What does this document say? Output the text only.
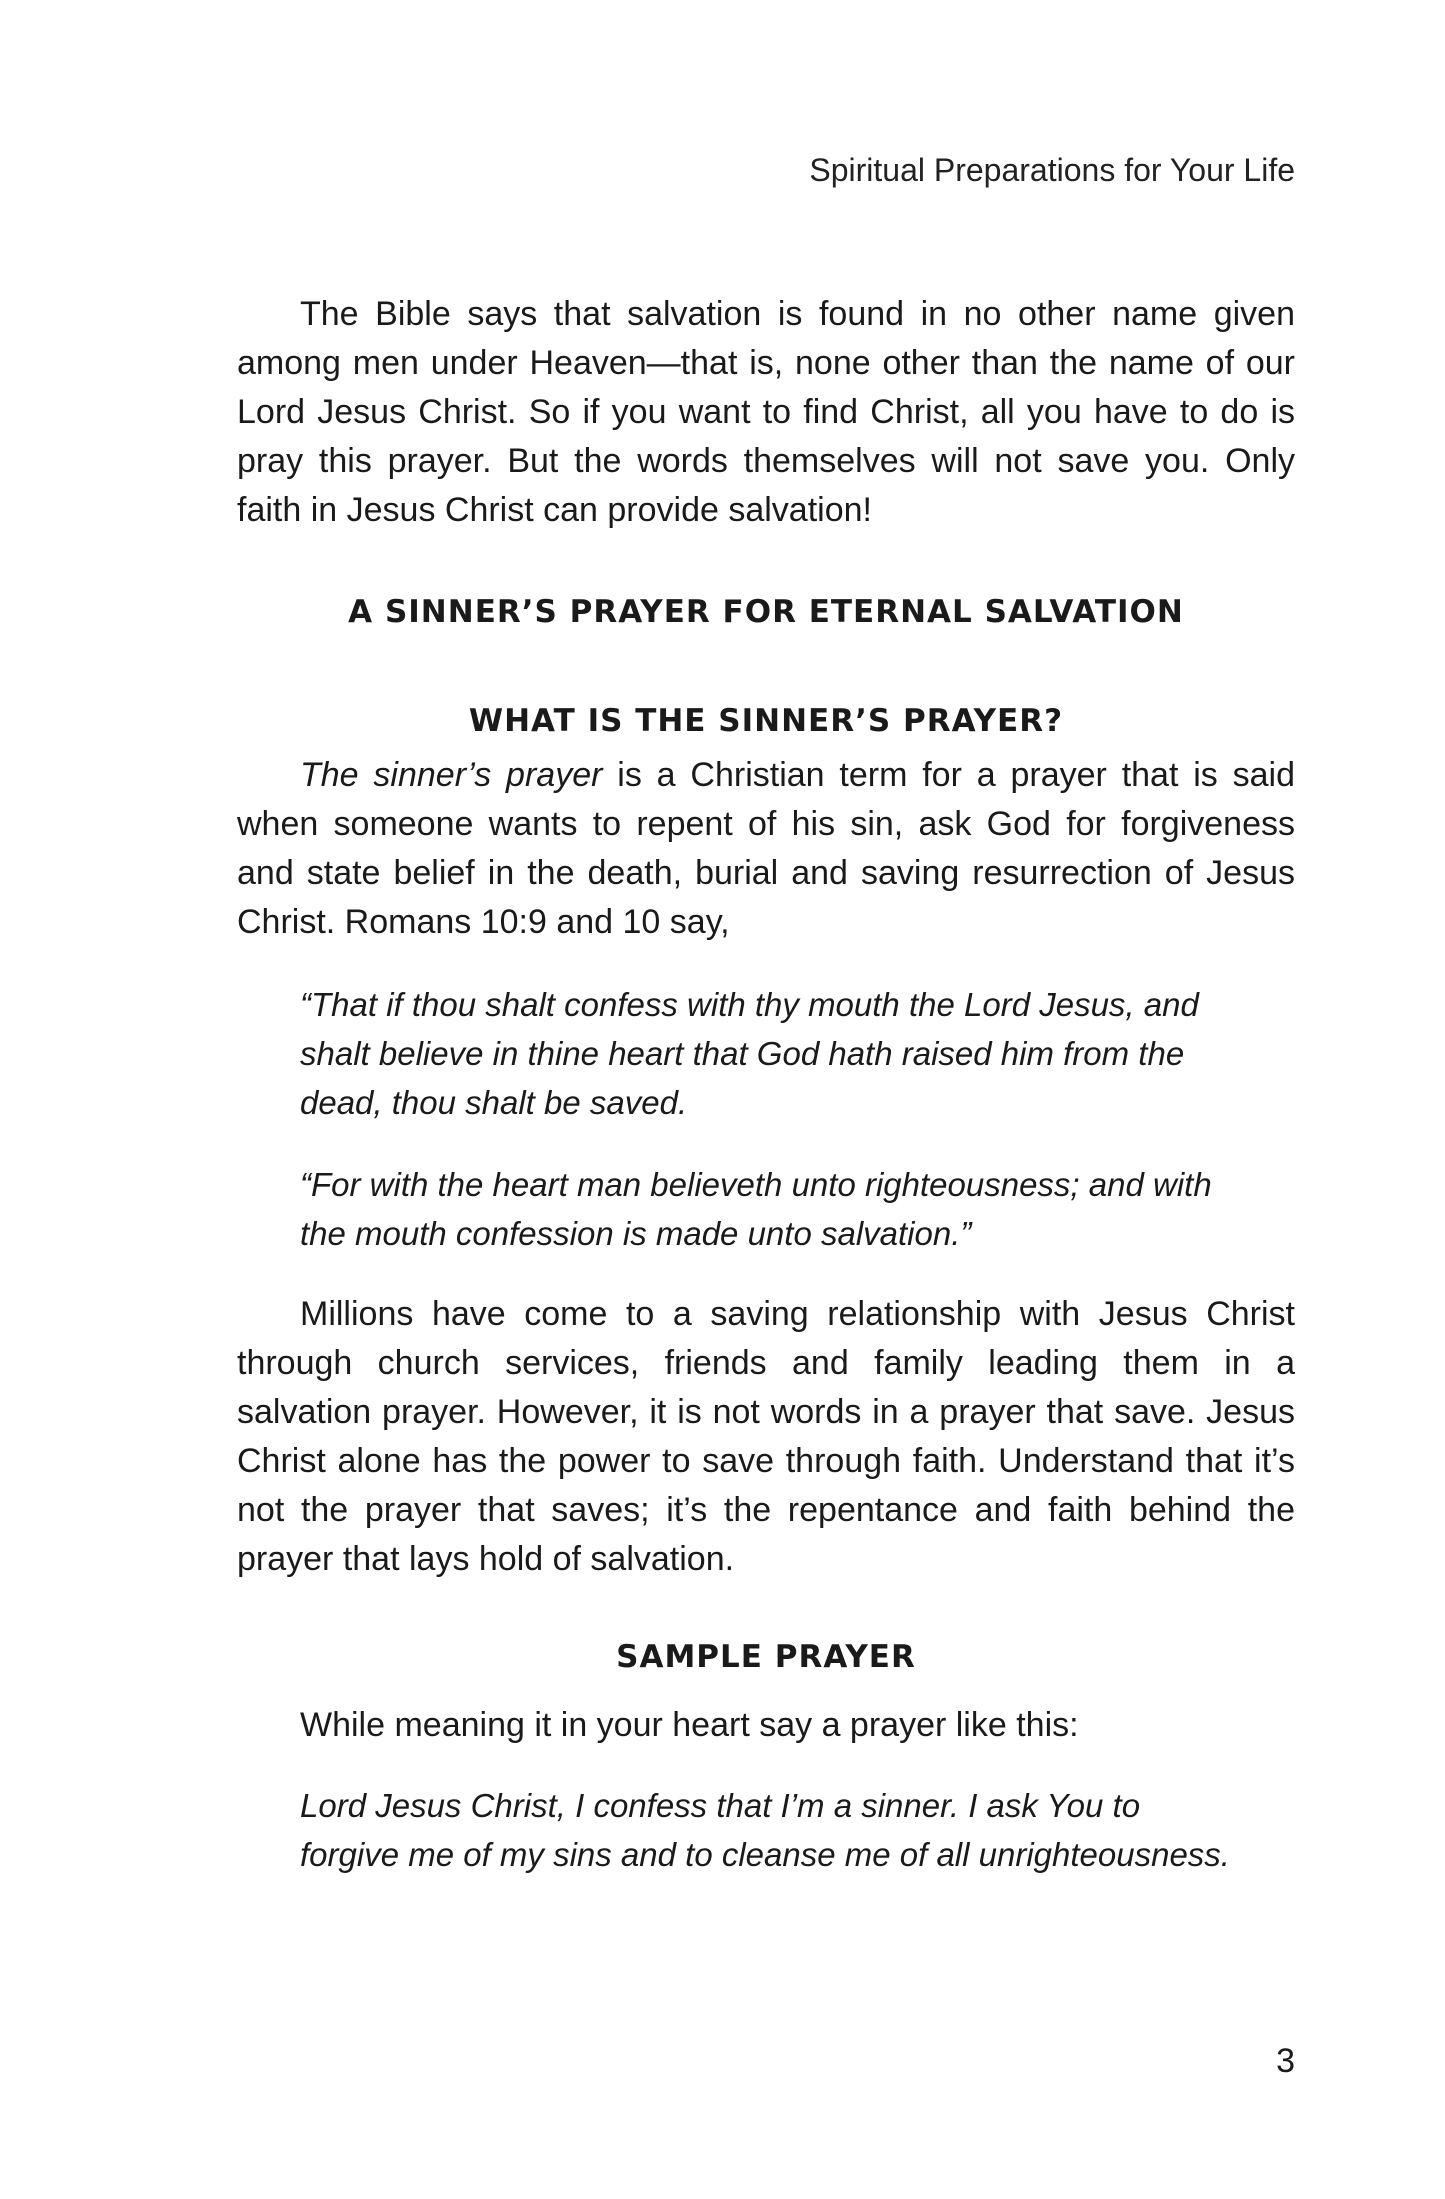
Spiritual Preparations for Your Life

The Bible says that salvation is found in no other name given among men under Heaven—that is, none other than the name of our Lord Jesus Christ. So if you want to find Christ, all you have to do is pray this prayer. But the words themselves will not save you. Only faith in Jesus Christ can provide salvation!

A SINNER’S PRAYER FOR ETERNAL SALVATION
WHAT IS THE SINNER’S PRAYER?

The sinner’s prayer is a Christian term for a prayer that is said when someone wants to repent of his sin, ask God for forgiveness and state belief in the death, burial and saving resurrection of Jesus Christ. Romans 10:9 and 10 say,

“That if thou shalt confess with thy mouth the Lord Jesus, and shalt believe in thine heart that God hath raised him from the dead, thou shalt be saved.

“For with the heart man believeth unto righteousness; and with the mouth confession is made unto salvation.”

Millions have come to a saving relationship with Jesus Christ through church services, friends and family leading them in a salvation prayer. However, it is not words in a prayer that save. Jesus Christ alone has the power to save through faith. Understand that it’s not the prayer that saves; it’s the repentance and faith behind the prayer that lays hold of salvation.

SAMPLE PRAYER

While meaning it in your heart say a prayer like this:

Lord Jesus Christ, I confess that I’m a sinner. I ask You to forgive me of my sins and to cleanse me of all unrighteousness.

3
